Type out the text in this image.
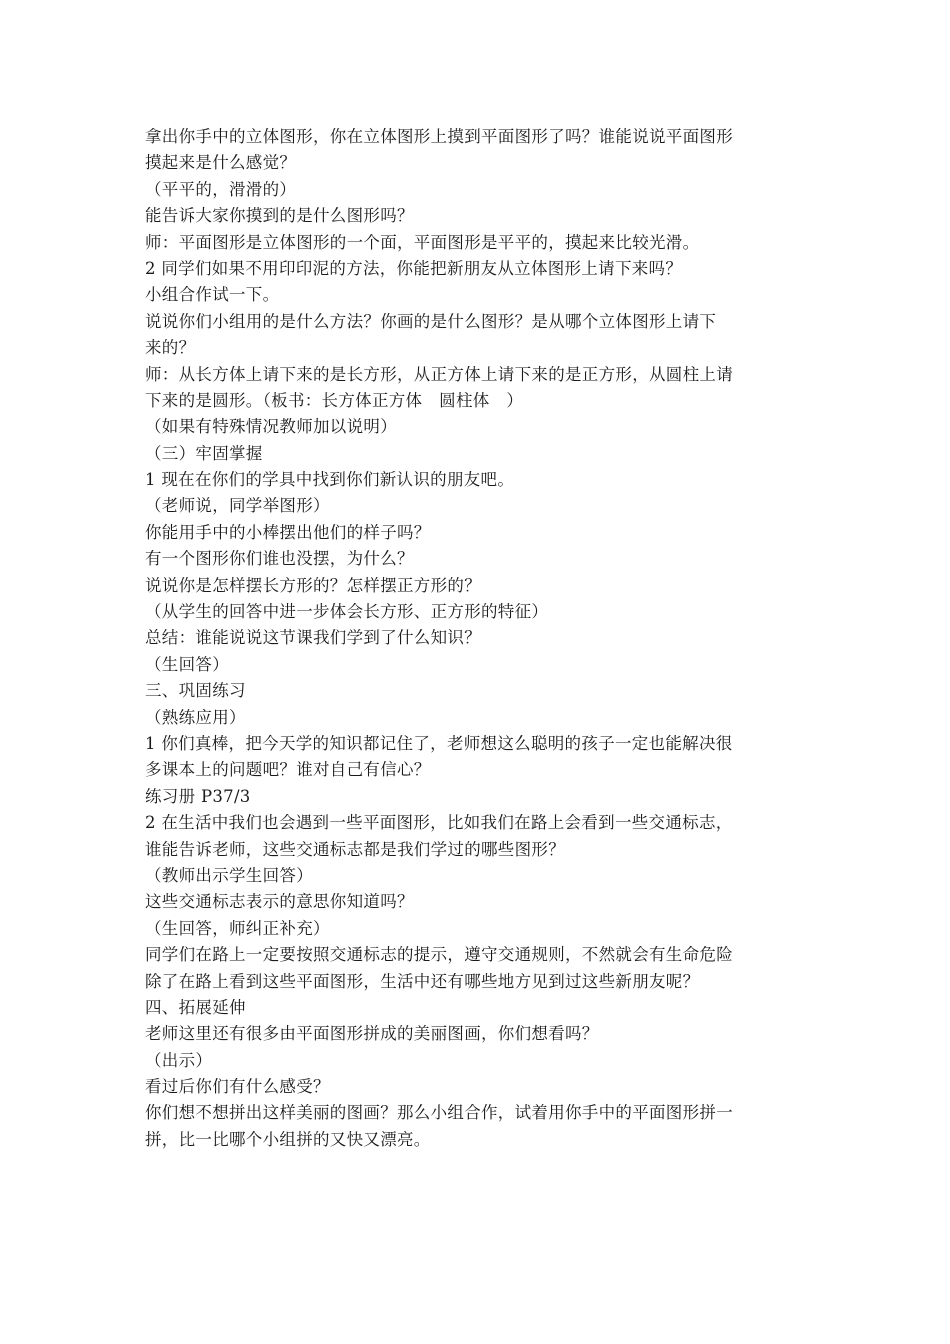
拿出你手中的立体图形，你在立体图形上摸到平面图形了吗？谁能说说平面图形
摸起来是什么感觉？
（平平的，滑滑的）
能告诉大家你摸到的是什么图形吗？
师：平面图形是立体图形的一个面，平面图形是平平的，摸起来比较光滑。
2 同学们如果不用印印泥的方法，你能把新朋友从立体图形上请下来吗？
小组合作试一下。
说说你们小组用的是什么方法？你画的是什么图形？是从哪个立体图形上请下
来的？
师：从长方体上请下来的是长方形，从正方体上请下来的是正方形，从圆柱上请
下来的是圆形。（板书：长方体正方体　圆柱体　）
（如果有特殊情况教师加以说明）
（三）牢固掌握
1 现在在你们的学具中找到你们新认识的朋友吧。
（老师说，同学举图形）
你能用手中的小棒摆出他们的样子吗？
有一个图形你们谁也没摆，为什么？
说说你是怎样摆长方形的？怎样摆正方形的？
（从学生的回答中进一步体会长方形、正方形的特征）
总结：谁能说说这节课我们学到了什么知识？
（生回答）
三、巩固练习
（熟练应用）
1 你们真棒，把今天学的知识都记住了，老师想这么聪明的孩子一定也能解决很
多课本上的问题吧？谁对自己有信心？
练习册 P37/3
2 在生活中我们也会遇到一些平面图形，比如我们在路上会看到一些交通标志，
谁能告诉老师，这些交通标志都是我们学过的哪些图形？
（教师出示学生回答）
这些交通标志表示的意思你知道吗？
（生回答，师纠正补充）
同学们在路上一定要按照交通标志的提示，遵守交通规则，不然就会有生命危险
除了在路上看到这些平面图形，生活中还有哪些地方见到过这些新朋友呢？
四、拓展延伸
老师这里还有很多由平面图形拼成的美丽图画，你们想看吗？
（出示）
看过后你们有什么感受？
你们想不想拼出这样美丽的图画？那么小组合作，试着用你手中的平面图形拼一
拼，比一比哪个小组拼的又快又漂亮。
